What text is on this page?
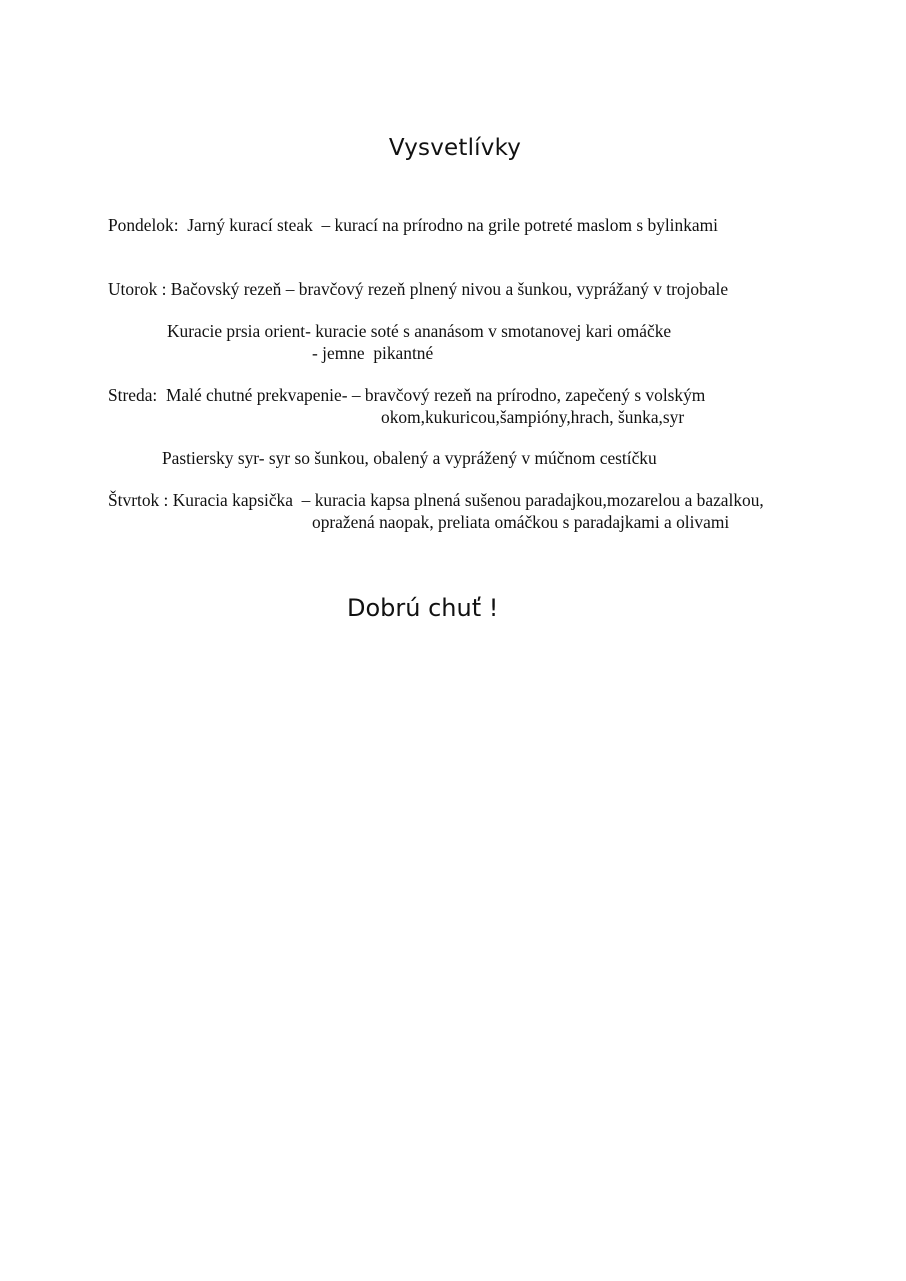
Vysvetlívky
Pondelok:  Jarný kurací steak  – kurací na prírodno na grile potreté maslom s bylinkami
Utorok : Bačovský rezeň – bravčový rezeň plnený nivou a šunkou, vyprážaný v trojobale
Kuracie prsia orient- kuracie soté s ananásom v smotanovej kari omáčke
- jemne  pikantné
Streda:  Malé chutné prekvapenie- – bravčový rezeň na prírodno, zapečený s volským
okom,kukuricou,šampióny,hrach, šunka,syr
Pastiersky syr- syr so šunkou, obalený a vyprážený v múčnom cestíčku
Štvrtok : Kuracia kapsička  – kuracia kapsa plnená sušenou paradajkou,mozarelou a bazalkou,
opražená naopak, preliata omáčkou s paradajkami a olivami
Dobrú chuť !
